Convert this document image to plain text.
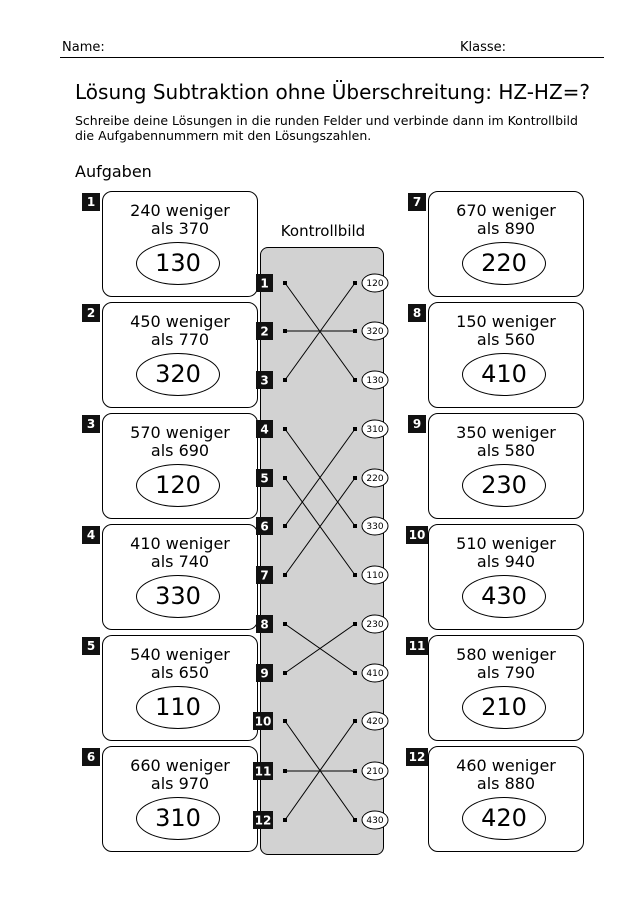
Name:	Klasse:
Lösung Subtraktion ohne Überschreitung: HZ-HZ=?
Schreibe deine Lösungen in die runden Felder und verbinde dann im Kontrollbild die Aufgabennummern mit den Lösungszahlen.
Aufgaben
240 weniger
als 370
130
1
450 weniger
als 770
320
2
570 weniger
als 690
120
3
410 weniger
als 740
330
4
540 weniger
als 650
110
5
660 weniger
als 970
310
6
670 weniger
als 890
220
7
150 weniger
als 560
410
8
350 weniger
als 580
230
9
510 weniger
als 940
430
10
580 weniger
als 790
210
11
460 weniger
als 880
420
12
Kontrollbild
1
2
3
4
5
6
7
8
9
10
11
12
120
320
130
310
220
330
110
230
410
420
210
430
